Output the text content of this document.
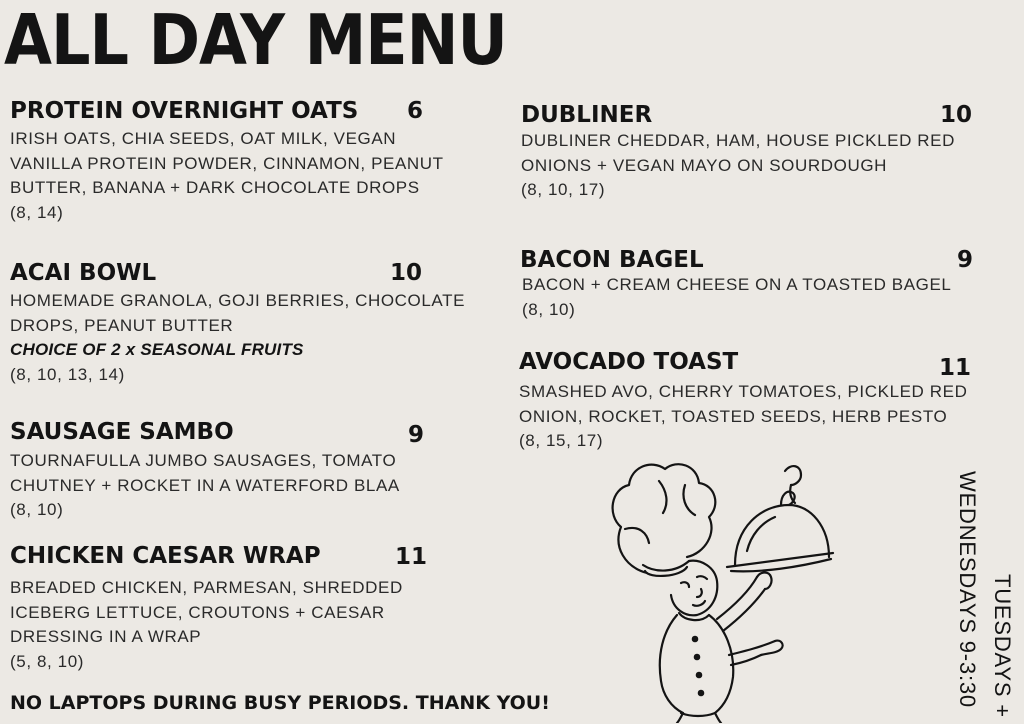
ALL DAY MENU
PROTEIN OVERNIGHT OATS 6
IRISH OATS, CHIA SEEDS, OAT MILK, VEGAN
VANILLA PROTEIN POWDER, CINNAMON, PEANUT
BUTTER, BANANA + DARK CHOCOLATE DROPS
(8, 14)
ACAI BOWL	10
HOMEMADE GRANOLA, GOJI BERRIES, CHOCOLATE
DROPS, PEANUT BUTTER
CHOICE OF 2 x SEASONAL FRUITS
(8, 10, 13, 14)
SAUSAGE SAMBO	9
TOURNAFULLA JUMBO SAUSAGES, TOMATO
CHUTNEY + ROCKET IN A WATERFORD BLAA
(8, 10)
CHICKEN CAESAR WRAP	11
BREADED CHICKEN, PARMESAN, SHREDDED
ICEBERG LETTUCE, CROUTONS + CAESAR
DRESSING IN A WRAP
(5, 8, 10)
DUBLINER	10
DUBLINER CHEDDAR, HAM, HOUSE PICKLED RED
ONIONS + VEGAN MAYO ON SOURDOUGH
(8, 10, 17)
BACON BAGEL	9
BACON + CREAM CHEESE ON A TOASTED BAGEL
(8, 10)
AVOCADO TOAST	11
SMASHED AVO, CHERRY TOMATOES, PICKLED RED
ONION, ROCKET, TOASTED SEEDS, HERB PESTO
(8, 15, 17)
NO LAPTOPS DURING BUSY PERIODS. THANK YOU!	TUESDAYS +
WEDNESDAYS 9-3:30
